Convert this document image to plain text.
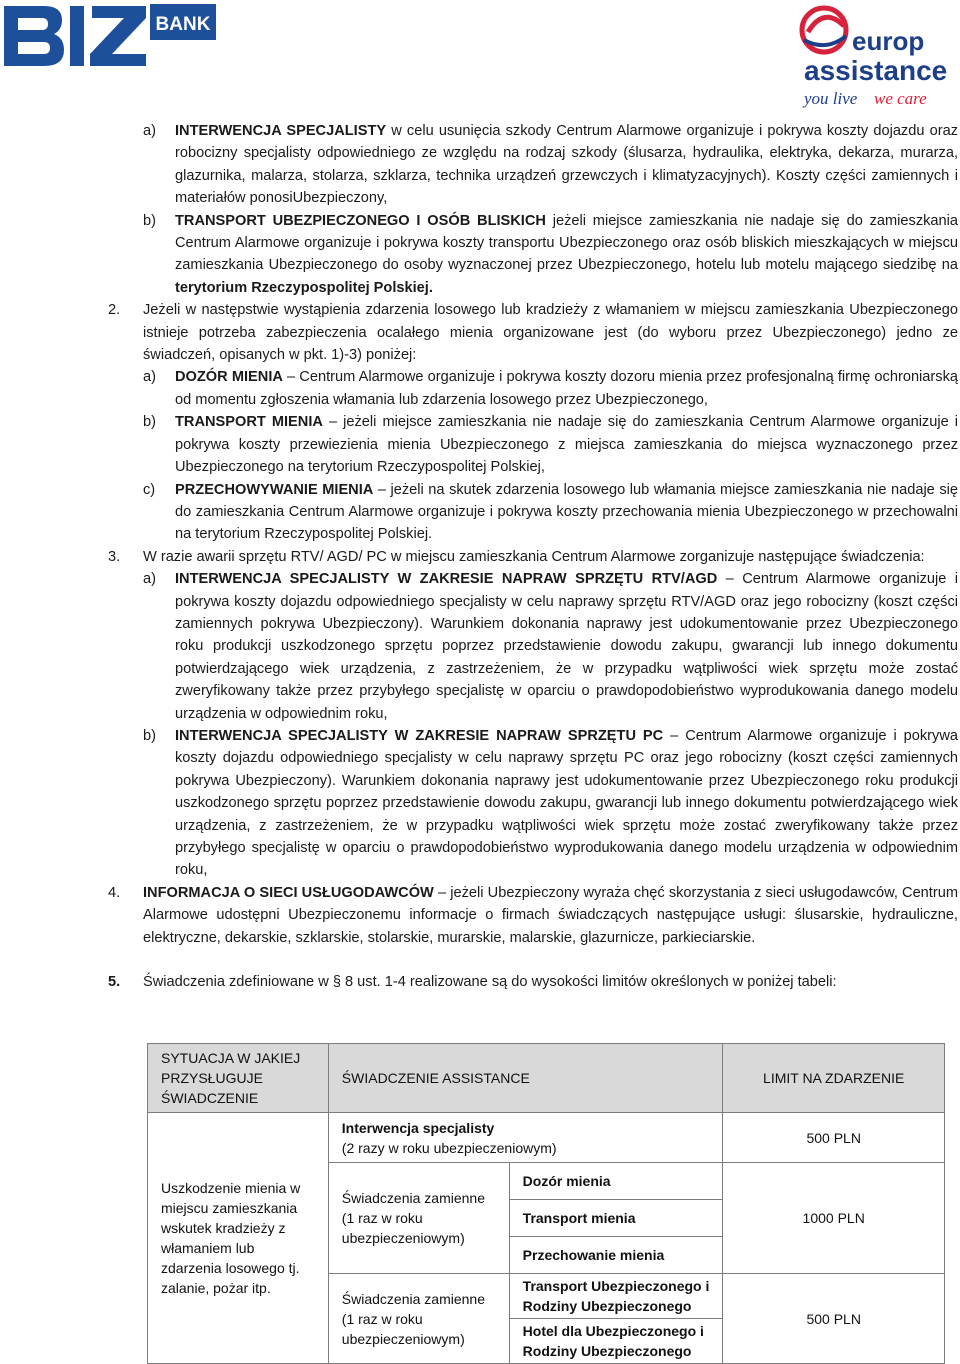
BANK
europ
assistance
you live we care
a) INTERWENCJA SPECJALISTY w celu usunięcia szkody Centrum Alarmowe organizuje i pokrywa koszty dojazdu oraz robocizny specjalisty odpowiedniego ze względu na rodzaj szkody (ślusarza, hydraulika, elektryka, dekarza, murarza, glazurnika, malarza, stolarza, szklarza, technika urządzeń grzewczych i klimatyzacyjnych). Koszty części zamiennych i materiałów ponosiUbezpieczony,

b) TRANSPORT UBEZPIECZONEGO I OSÓB BLISKICH jeżeli miejsce zamieszkania nie nadaje się do zamieszkania Centrum Alarmowe organizuje i pokrywa koszty transportu Ubezpieczonego oraz osób bliskich mieszkających w miejscu zamieszkania Ubezpieczonego do osoby wyznaczonej przez Ubezpieczonego, hotelu lub motelu mającego siedzibę na terytorium Rzeczypospolitej Polskiej.

2. Jeżeli w następstwie wystąpienia zdarzenia losowego lub kradzieży z włamaniem w miejscu zamieszkania Ubezpieczonego istnieje potrzeba zabezpieczenia ocalałego mienia organizowane jest (do wyboru przez Ubezpieczonego) jedno ze świadczeń, opisanych w pkt. 1)-3) poniżej:

a) DOZÓR MIENIA – Centrum Alarmowe organizuje i pokrywa koszty dozoru mienia przez profesjonalną firmę ochroniarską od momentu zgłoszenia włamania lub zdarzenia losowego przez Ubezpieczonego,

b) TRANSPORT MIENIA – jeżeli miejsce zamieszkania nie nadaje się do zamieszkania Centrum Alarmowe organizuje i pokrywa koszty przewiezienia mienia Ubezpieczonego z miejsca zamieszkania do miejsca wyznaczonego przez Ubezpieczonego na terytorium Rzeczypospolitej Polskiej,

c) PRZECHOWYWANIE MIENIA – jeżeli na skutek zdarzenia losowego lub włamania miejsce zamieszkania nie nadaje się do zamieszkania Centrum Alarmowe organizuje i pokrywa koszty przechowania mienia Ubezpieczonego w przechowalni na terytorium Rzeczypospolitej Polskiej.

3. W razie awarii sprzętu RTV/ AGD/ PC w miejscu zamieszkania Centrum Alarmowe zorganizuje następujące świadczenia:

a) INTERWENCJA SPECJALISTY W ZAKRESIE NAPRAW SPRZĘTU RTV/AGD – Centrum Alarmowe organizuje i pokrywa koszty dojazdu odpowiedniego specjalisty w celu naprawy sprzętu RTV/AGD oraz jego robocizny (koszt części zamiennych pokrywa Ubezpieczony). Warunkiem dokonania naprawy jest udokumentowanie przez Ubezpieczonego roku produkcji uszkodzonego sprzętu poprzez przedstawienie dowodu zakupu, gwarancji lub innego dokumentu potwierdzającego wiek urządzenia, z zastrzeżeniem, że w przypadku wątpliwości wiek sprzętu może zostać zweryfikowany także przez przybyłego specjalistę w oparciu o prawdopodobieństwo wyprodukowania danego modelu urządzenia w odpowiednim roku,

b) INTERWENCJA SPECJALISTY W ZAKRESIE NAPRAW SPRZĘTU PC – Centrum Alarmowe organizuje i pokrywa koszty dojazdu odpowiedniego specjalisty w celu naprawy sprzętu PC oraz jego robocizny (koszt części zamiennych pokrywa Ubezpieczony). Warunkiem dokonania naprawy jest udokumentowanie przez Ubezpieczonego roku produkcji uszkodzonego sprzętu poprzez przedstawienie dowodu zakupu, gwarancji lub innego dokumentu potwierdzającego wiek urządzenia, z zastrzeżeniem, że w przypadku wątpliwości wiek sprzętu może zostać zweryfikowany także przez przybyłego specjalistę w oparciu o prawdopodobieństwo wyprodukowania danego modelu urządzenia w odpowiednim roku,

4. INFORMACJA O SIECI USŁUGODAWCÓW – jeżeli Ubezpieczony wyraża chęć skorzystania z sieci usługodawców, Centrum Alarmowe udostępni Ubezpieczonemu informacje o firmach świadczących następujące usługi: ślusarskie, hydrauliczne, elektryczne, dekarskie, szklarskie, stolarskie, murarskie, malarskie, glazurnicze, parkieciarskie.

5. Świadczenia zdefiniowane w § 8 ust. 1-4 realizowane są do wysokości limitów określonych w poniżej tabeli:

SYTUACJA W JAKIEJ PRZYSŁUGUJE ŚWIADCZENIE	ŚWIADCZENIE ASSISTANCE		LIMIT NA ZDARZENIE
Uszkodzenie mienia w miejscu zamieszkania wskutek kradzieży z włamaniem lub zdarzenia losowego tj. zalanie, pożar itp.	Interwencja specjalisty
(2 razy w roku ubezpieczeniowym)		500 PLN
	Świadczenia zamienne (1 raz w roku ubezpieczeniowym)	Dozór mienia	1000 PLN
		Transport mienia	
		Przechowanie mienia	
	Świadczenia zamienne (1 raz w roku ubezpieczeniowym)	Transport Ubezpieczonego i Rodziny Ubezpieczonego	500 PLN
		Hotel dla Ubezpieczonego i Rodziny Ubezpieczonego	
